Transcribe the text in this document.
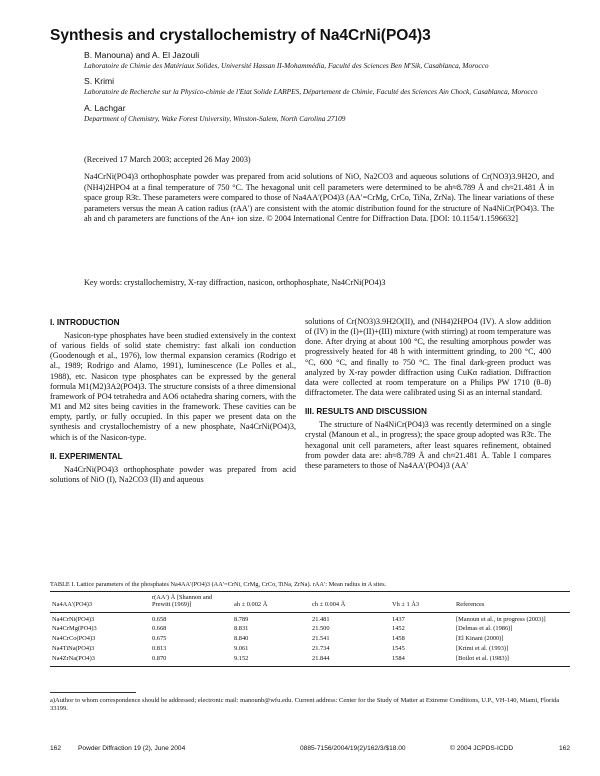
Synthesis and crystallochemistry of Na4CrNi(PO4)3

B. Manouna) and A. El Jazouli

Laboratoire de Chimie des Matériaux Solides, Université Hassan II-Mohammédia, Faculté des Sciences Ben M'Sik, Casablanca, Morocco

S. Krimi

Laboratoire de Recherche sur la Physico-chimie de l'Etat Solide LARPES, Département de Chimie, Faculté des Sciences Ain Chock, Casablanca, Morocco

A. Lachgar

Department of Chemistry, Wake Forest University, Winston-Salem, North Carolina 27109

(Received 17 March 2003; accepted 26 May 2003)

Na4CrNi(PO4)3 orthophosphate powder was prepared from acid solutions of NiO, Na2CO3 and aqueous solutions of Cr(NO3)3.9H2O, and (NH4)2HPO4 at a final temperature of 750 °C. The hexagonal unit cell parameters were determined to be ah≈8.789 Å and ch≈21.481 Å in space group R3̄c. These parameters were compared to those of Na4AA′(PO4)3 (AA′=CrMg, CrCo, TiNa, ZrNa). The linear variations of these parameters versus the mean A cation radius (rAA′) are consistent with the atomic distribution found for the structure of Na4NiCr(PO4)3. The ah and ch parameters are functions of the An+ ion size. © 2004 International Centre for Diffraction Data. [DOI: 10.1154/1.1596632]

Key words: crystallochemistry, X-ray diffraction, nasicon, orthophosphate, Na4CrNi(PO4)3

I. INTRODUCTION

Nasicon-type phosphates have been studied extensively in the context of various fields of solid state chemistry: fast alkali ion conduction (Goodenough et al., 1976), low thermal expansion ceramics (Rodrigo et al., 1989; Rodrigo and Alamo, 1991), luminescence (Le Polles et al., 1988), etc. Nasicon type phosphates can be expressed by the general formula M1(M2)3A2(PO4)3. The structure consists of a three dimensional framework of PO4 tetrahedra and AO6 octahedra sharing corners, with the M1 and M2 sites being cavities in the framework. These cavities can be empty, partly, or fully occupied. In this paper we present data on the synthesis and crystallochemistry of a new phosphate, Na4CrNi(PO4)3, which is of the Nasicon-type.

II. EXPERIMENTAL

Na4CrNi(PO4)3 orthophosphate powder was prepared from acid solutions of NiO (I), Na2CO3 (II) and aqueous

solutions of Cr(NO3)3.9H2O(II), and (NH4)2HPO4 (IV). A slow addition of (IV) in the (I)+(II)+(III) mixture (with stirring) at room temperature was done. After drying at about 100 °C, the resulting amorphous powder was progressively heated for 48 h with intermittent grinding, to 200 °C, 400 °C, 600 °C, and finally to 750 °C. The final dark-green product was analyzed by X-ray powder diffraction using CuKα radiation. Diffraction data were collected at room temperature on a Philips PW 1710 (θ–θ) diffractometer. The data were calibrated using Si as an internal standard.

III. RESULTS AND DISCUSSION

The structure of Na4NiCr(PO4)3 was recently determined on a single crystal (Manoun et al., in progress); the space group adopted was R3̄c. The hexagonal unit cell parameters, after least squares refinement, obtained from powder data are: ah≈8.789 Å and ch≈21.481 Å. Table I compares these parameters to those of Na4AA′(PO4)3 (AA′

TABLE I. Lattice parameters of the phosphates Na4AA′(PO4)3 (AA′=CrNi, CrMg, CrCo, TiNa, ZrNa). rAA′: Mean radius in A sites.

Na4AA′(PO4)3	r(AA′) Å [Shannon and Prewitt (1969)]	ah ± 0.002 Å	ch ± 0.004 Å	Vh ± 1 Å3	References
Na4CrNi(PO4)3	0.658	8.789	21.481	1437	[Manoun et al., in progress (2003)]
Na4CrMg(PO4)3	0.668	8.831	21.500	1452	[Delmas et al. (1986)]
Na4CrCo(PO4)3	0.675	8.840	21.541	1458	[El Kinani (2000)]
Na4TiNa(PO4)3	0.813	9.061	21.734	1545	[Krimi et al. (1993)]
Na4ZrNa(PO4)3	0.870	9.152	21.844	1584	[Boilot et al. (1983)]

a)Author to whom correspondence should be addressed; electronic mail: manounb@wfu.edu. Current address: Center for the Study of Matter at Extreme Conditions, U.P., VH-140, Miami, Florida 33199.

162	Powder Diffraction 19 (2), June 2004	0885-7156/2004/19(2)/162/3/$18.00	© 2004 JCPDS-ICDD	162
